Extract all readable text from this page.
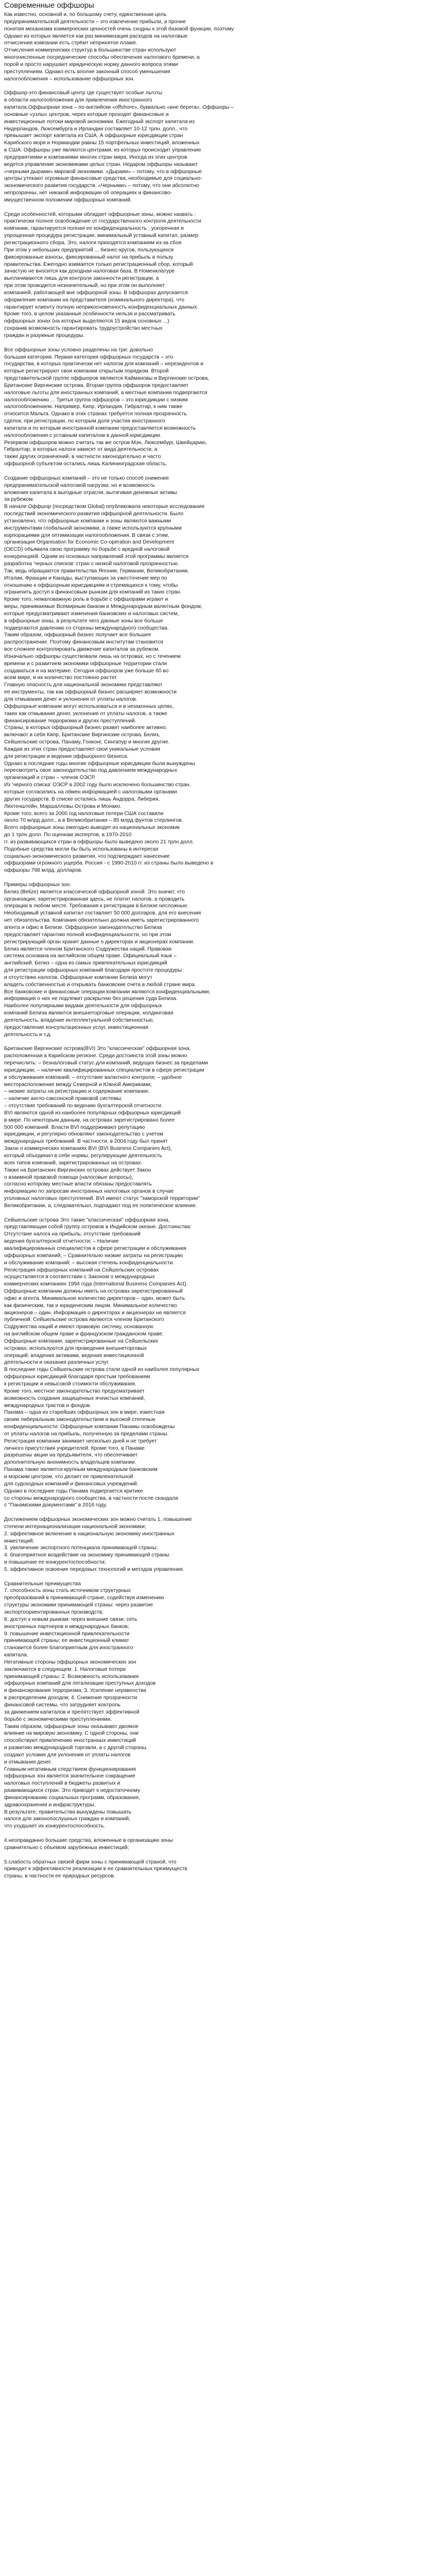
Современные оффшоры
Как известно, основной и, по большому счету, единственная цель
предпринимательской деятельности – это извлечение прибыли, а прочие
понятия механизма коммерческих ценностей очень сходны к этой базовой функции, поэтому
Однако из которых является как раз минимизация расходов на налоговые
отчисления компании есть стрёмт непринятое пламя.
Отчисления коммерческих структур в большинстве стран используют
многочисленные посреднические способы обеспечения налогового бремени, а
порой и просто нарушают юридическую норму данного вопроса этими
преступлениям. Однако есть вполне законный способ уменьшения
налогообложения – использование оффшорных зон.
Оффшор-это финансовый центр где существует особые льготы
в области налогообложения для привлечения иностранного
капитала.Оффшорная зона – по-английски «offshore», буквально «вне берега». Оффшоры –
основные «узлы» центров, через которые проходят финансовые и
инвестиционные потоки мировой экономики. Ежегодный экспорт капитала из
Нидерландов, Люксембурга и Ирландии составляет 10-12 трлн. долл., что
превышает экспорт капитала из США. А оффшорные юрисдикции стран
Карибского моря и Нормандии равны 15 портфельных инвестиций, вложенных
в США. Оффшоры уже являются центрами, из которых происходит управление
предприятиями и компаниями многих стран мира. Иногда из этих центров
ведется управление экономиками целых стран. Недаром оффшоры называют
«черными дырами» мировой экономики. «Дыраии» – потому, что в оффшорные
центры утекают огромные финансовые средства, необходимые для социально-
экономического развития государств. «Черными» – потому, что они абсолютно
непрозрачны, нет никакой информации об операциях и финансово-
имущественном положении оффшорных компаний.
Среди особенностей, которыми обладает оффшорные зоны, можно назвать :
практически полное освобождение от государственного контроля деятельности
компании, гарантируется полная ее конфиденциальность ; ускоренная и
упрощенная процедура регистрации; минимальный уставный капитал, размер
регистрационного сбора. Это, налоги приходятся компаниям из-за сбоя
При этом у небольших предприятий ... бизнес-кругов, пользующихся
фиксированные взносы, фиксированный налог на прибыль в пользу
правительства. Ежегодно взимается только регистрационный сбор, который
зачастую не вносится как доходная налоговая база. В Номенклатуре
выплачиваются лишь для контроля законности регистрации, а
при этом проводится незначительный, но при этом он выполняет
компанией, работающей вне оффшорной зоны. В оффшорах допускается
оформление компании на представителя (номинального директора), что
гарантирует клиенту полную неприкосновенность конфиденциальных данных.
Кроме того, в целом указанные особенности нельзя и рассматривать
оффшорных зонах (на которых выделяются 15 видов основных ...)
сохранив возможность гарантировать трудоустройство местных
граждан и разумные процедуры.
Все оффшорные зоны условно разделены на три: довольно
большая категория. Первая категория оффшорных государств – это
государства, в которых практически нет налогов для компаний – нерезидентов и
которые регистрируют свои компании открытым порядком. Второй
представительской группе оффшоров являются Каймановы и Виргинские острова,
Британские Виргинские острова. Вторая группа оффшоров предоставляет
налоговые льготы для иностранных компаний, а местные компании подвергаются
налогообложению ... Третья группа оффшоров – это юрисдикции с низким
налогообложением. Например, Кипр, Ирландия, Гибралтар, к ним также
относится Мальта. Однако в этих странах требуется полная прозрачность
сделок, при регистрации, по которым доля участия иностранного
капитала и по которым иностранной компании предоставляется возможность
налогообложения с уставным капиталом в данной юрисдикции.
Резервом оффшоров можно считать так же остров Мэн, Люксембург, Швейцарию,
Гибралтар, в которых налоги зависят от вида деятельности, а
также других ограничений, в частности законодательно и часто
оффшорной субъектом остались лишь Калининградская область.
Создание оффшорных компаний – это не только способ снижения
предпринимательской налоговой нагрузки, но и возможность
вложения капитала в выгодные отрасли, вытягивая денежные активы
за рубежом.
В начале Оффшор (посредством Global) опубликовала некоторые исследования
последствий экономического развития оффшорной деятельности. Было
установлено, что оффшорные компании и зоны являются важными
инструментами глобальной экономики, а также используются крупными
корпорациями для оптимизации налогообложения. В связи с этим,
организация Organisation for Economic Co-operation and Development
(OECD) объявила свою программу по борьбе с вредной налоговой
конкуренцией. Одним из основных направлений этой программы является
разработка 'черных списков' стран с низкой налоговой прозрачностью.
Так, ведь обращаются правительства Японии, Германии, Великобритании,
Италии, Франции и Канады, выступающих за ужесточение мер по
отношению к оффшорным юрисдикциям и стремящихся к тому, чтобы
ограничить доступ к финансовым рынкам для компаний из таких стран.
Кроме того, немаловажную роль в борьбе с оффшорами играют и
меры, принимаемые Всемирным банком и Международным валютным фондом,
которые предусматривают изменения банковских и налоговых систем,
в оффшорные зоны, в результате чего данные зоны все больше
подвергаются давлению со стороны международного сообщества.
Таким образом, оффшорный бизнес получает все большее
распространение. Поэтому финансовым институтам становится
все сложнее контролировать движение капиталов за рубежом.
Изначально оффшоры существовали лишь на островах, но с течением
времени и с развитием экономики оффшорные территории стали
создаваться и на материке. Сегодня оффшоров уже больше 60 во
всем мире, и их количество постоянно растет.
Главную опасность для национальной экономики представляют
ее инструменты, так как оффшорный бизнес расширяет возможности
для отмывания денег и уклонения от уплаты налогов.
Оффшорные компании могут использоваться и в незаконных целях,
таких как отмывание денег, уклонение от уплаты налогов, а также
финансирование терроризма и других преступлений.
Страны, в которых оффшорный бизнес развит наиболее активно,
включают в себя Кипр, Британские Виргинские острова, Белиз,
Сейшельские острова, Панаму, Гонконг, Сингапур и многие другие.
Каждая из этих стран предоставляет свои уникальные условия
для регистрации и ведения оффшорного бизнеса.
Однако в последние годы многие оффшорные юрисдикции были вынуждены
пересмотреть свое законодательство под давлением международных
организаций и стран – членов ОЭСР.
Из 'черного списка' ОЭСР в 2002 году было исключено большинство стран,
которые согласились на обмен информацией с налоговыми органами
других государств. В списке остались лишь Андорра, Либерия,
Лихтенштейн, Маршалловы Острова и Монако.
Кроме того, всего за 2000 год налоговые потери США составили
около 70 млрд долл., а в Великобритании – 85 млрд фунтов стерлингов.
Всего оффшорные зоны ежегодно выводят из национальных экономик
до 1 трлн долл. По оценкам экспертов, в 1970-2010
гг. из развивающихся стран в оффшоры было выведено около 21 трлн долл.
Подобные средства могли бы быть использованы в интересах
социально-экономического развития, что подтверждает нанесение
оффшорами огромного ущерба. Россия - с 1990-2010 гг. из страны было выведено в
оффшоры 798 млрд. долларов.
Примеры оффшорных зон.
Белиз (Belize) является классической оффшорной зоной. Это значит, что
организация, зарегистрированная здесь, не платит налогов, а проводить
операции в любом месте. Требования к регистрации в Белизе несложные.
Необходимый уставной капитал составляет 50 000 долларов, для его внесения
нет обязательства. Компания обязательно должна иметь зарегистрированного
агента и офис в Белизе. Оффшорное законодательство Белиза
предоставляет гарантию полной конфиденциальности, но при этом
регистрирующий орган хранит данные о директорах и акционерах компании.
Белиз является членом Британского Содружества наций. Правовая
система основана на английском общем праве. Официальный язык –
английский. Белиз – одна из самых привлекательных юрисдикций
для регистрации оффшорных компаний благодаря простоте процедуры
и отсутствию налогов. Оффшорные компании Белиза могут
владеть собственностью и открывать банковские счета в любой стране мира.
Все банковские и финансовые операции компании являются конфиденциальными,
информация о них не подлежит раскрытию без решения суда Белиза.
Наиболее популярными видами деятельности для оффшорных
компаний Белиза являются внешнеторговые операции, холдинговая
деятельность, владение интеллектуальной собственностью,
предоставление консультационных услуг, инвестиционная
деятельность и т.д.
Британские Виргинские острова(BVI) Это "классическая" оффшорная зона,
расположенная в Карибском регионе. Среди достоинств этой зоны можно
перечислить: – безналоговый статус для компаний, ведущих бизнес за пределами
юрисдикции; – наличие квалифицированных специалистов в сфере регистрации
и обслуживания компаний; – отсутствие валютного контроля; – удобное
месторасположение между Северной и Южной Америками;
– низкие затраты на регистрацию и содержание компании;
– наличие англо-саксонской правовой системы;
– отсутствие требований по ведению бухгалтерской отчетности.
BVI являются одной из наиболее популярных оффшорных юрисдикций
в мире. По некоторым данным, на островах зарегистрировано более
500 000 компаний. Власти BVI поддерживают репутацию
юрисдикции, и регулярно обновляют законодательство с учетом
международных требований. В частности, в 2004 году был принят
Закон о коммерческих компаниях BVI (BVI Business Companies Act),
который объединил в себе нормы, регулирующие деятельность
всех типов компаний, зарегистрированных на островах.
Также на Британских Виргинских островах действует Закон
о взаимной правовой помощи (налоговые вопросы),
согласно которому местные власти обязаны предоставлять
информацию по запросам иностранных налоговых органов в случае
уголовных налоговых преступлений. BVI имеют статус "заморской территории"
Великобритании, а, следовательно, подпадают под ее политическое влияние.
Сейшельские острова Это также "классическая" оффшорная зона,
представляющая собой группу островов в Индийском океане. Достоинства:
Отсутствие налога на прибыль; отсутствие требований
ведения бухгалтерской отчетности; – Наличие
квалифицированных специалистов в сфере регистрации и обслуживания
оффшорных компаний; – Сравнительно низкие затраты на регистрацию
и обслуживание компаний; – высокая степень конфиденциальности.
Регистрация оффшорных компаний на Сейшельских островах
осуществляется в соответствии с Законом о международных
коммерческих компаниях 1994 года (International Business Companies Act).
Оффшорные компании должны иметь на островах зарегистрированный
офис и агента. Минимальное количество директоров – один, может быть
как физическим, так и юридическим лицом. Минимальное количество
акционеров – один. Информация о директорах и акционерах не является
публичной. Сейшельские острова являются членом Британского
Содружества наций и имеют правовую систему, основанную
на английском общем праве и французском гражданском праве.
Оффшорные компании, зарегистрированные на Сейшельских
островах, используются для проведения внешнеторговых
операций, владения активами, ведения инвестиционной
деятельности и оказания различных услуг.
В последние годы Сейшельские острова стали одной из наиболее популярных
оффшорных юрисдикций благодаря простым требованиям
к регистрации и невысокой стоимости обслуживания.
Кроме того, местное законодательство предусматривает
возможность создания защищенных ячеистых компаний,
международных трастов и фондов.
Панама – одна из старейших оффшорных зон в мире, известная
своим либеральным законодательством и высокой степенью
конфиденциальности. Оффшорные компании Панамы освобождены
от уплаты налогов на прибыль, полученную за пределами страны.
Регистрация компании занимает несколько дней и не требует
личного присутствия учредителей. Кроме того, в Панаме
разрешены акции на предъявителя, что обеспечивает
дополнительную анонимность владельцев компании.
Панама также является крупным международным банковским
и морским центром, что делает ее привлекательной
для судоходных компаний и финансовых учреждений.
Однако в последние годы Панама подвергается критике
со стороны международного сообщества, в частности после скандала
с "Панамскими документами" в 2016 году.
Достижением оффшорных экономических зон можно считать 1, повышение
степени интернационализации национальной экономики;
2. эффективное включение в национальную экономику иностранных
инвестиций;
3. увеличение экспортного потенциала принимающей страны;
4. благоприятное воздействие на экономику принимающей страны
и повышение ее конкурентоспособности;
5. эффективное освоение передовых технологий и методов управления.
Сравнительные преимущества
7. способность зоны стать источником структурных
преобразований в принимающей стране, содействуя изменению
структуры экономики принимающей страны: через развитие
экспортоориентированных производств;
8. доступ к новым рынкам: через внешние связи, сеть
иностранных партнеров и международных банков;
9. повышение инвестиционной привлекательности
принимающей страны: ее инвестиционный климат
становится более благоприятным для иностранного
капитала.
Негативные стороны оффшорных экономических зон
заключаются в следующем: 1. Налоговые потери
принимающей страны; 2. Возможность использования
оффшорных компаний для легализации преступных доходов
и финансирования терроризма; 3. Усиление неравенства
в распределении доходов; 4. Снижение прозрачности
финансовой системы, что затрудняет контроль
за движением капиталов и препятствует эффективной
борьбе с экономическими преступлениями.
Таким образом, оффшорные зоны оказывают двоякое
влияние на мировую экономику. С одной стороны, они
способствуют привлечению иностранных инвестиций
и развитию международной торговли, а с другой стороны,
создают условия для уклонения от уплаты налогов
и отмывания денег.
Главным негативным следствием функционирования
оффшорных зон является значительное сокращение
налоговых поступлений в бюджеты развитых и
развивающихся стран. Это приводит к недостаточному
финансированию социальных программ, образования,
здравоохранения и инфраструктуры.
В результате, правительства вынуждены повышать
налоги для законопослушных граждан и компаний,
что ухудшает их конкурентоспособность.
4.неоправданно большие средства, вложенные в организацию зоны
сравнительно с объемом зарубежных инвестиций;
5.слабость обратных связей фирм зоны с принимающей страной, что
приводит к эффективности реализации в ее сравнительных преимуществ
страны, в частности ее природных ресурсов.
